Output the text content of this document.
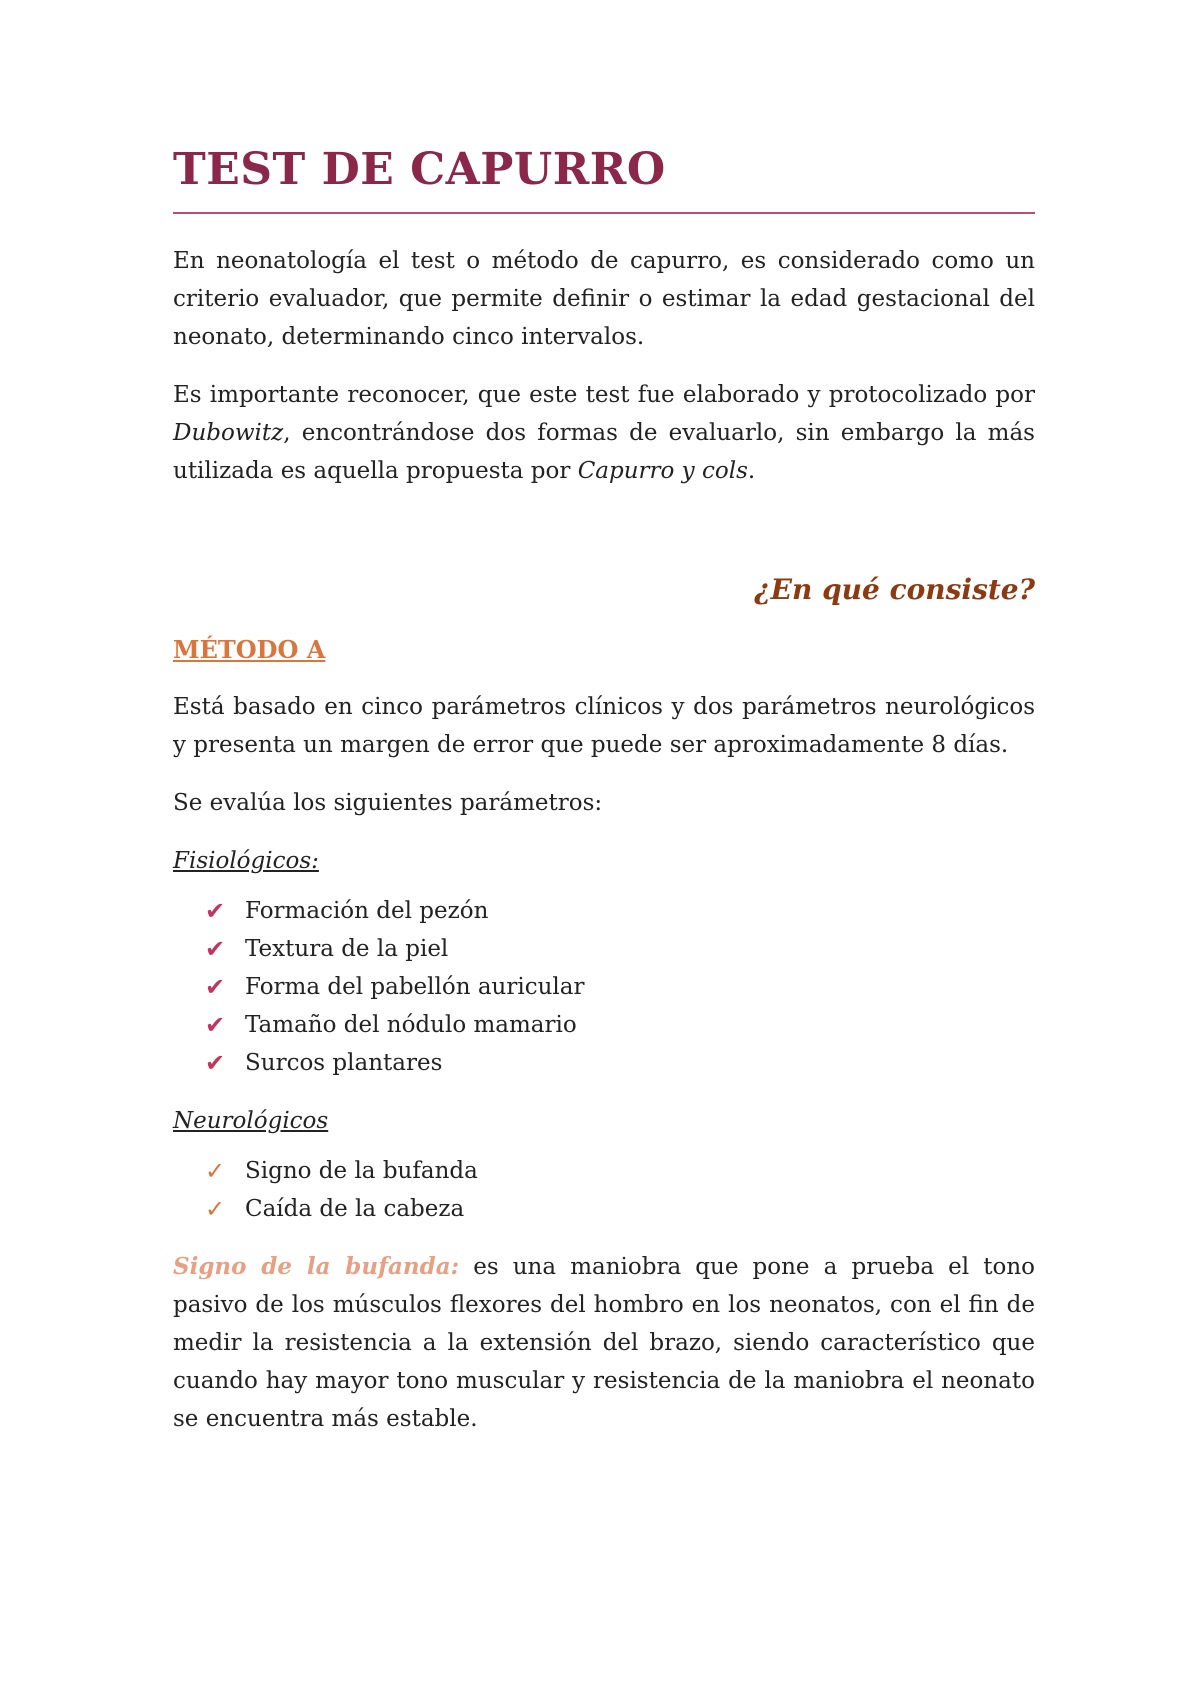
TEST DE CAPURRO

En neonatología el test o método de capurro, es considerado como un criterio evaluador, que permite definir o estimar la edad gestacional del neonato, determinando cinco intervalos.

Es importante reconocer, que este test fue elaborado y protocolizado por Dubowitz, encontrándose dos formas de evaluarlo, sin embargo la más utilizada es aquella propuesta por Capurro y cols.

¿En qué consiste?
MÉTODO A

Está basado en cinco parámetros clínicos y dos parámetros neurológicos y presenta un margen de error que puede ser aproximadamente 8 días.

Se evalúa los siguientes parámetros:

Fisiológicos:
✔ Formación del pezón
✔ Textura de la piel
✔ Forma del pabellón auricular
✔ Tamaño del nódulo mamario
✔ Surcos plantares
Neurológicos
✓ Signo de la bufanda
✓ Caída de la cabeza

Signo de la bufanda: es una maniobra que pone a prueba el tono pasivo de los músculos flexores del hombro en los neonatos, con el fin de medir la resistencia a la extensión del brazo, siendo característico que cuando hay mayor tono muscular y resistencia de la maniobra el neonato se encuentra más estable.
